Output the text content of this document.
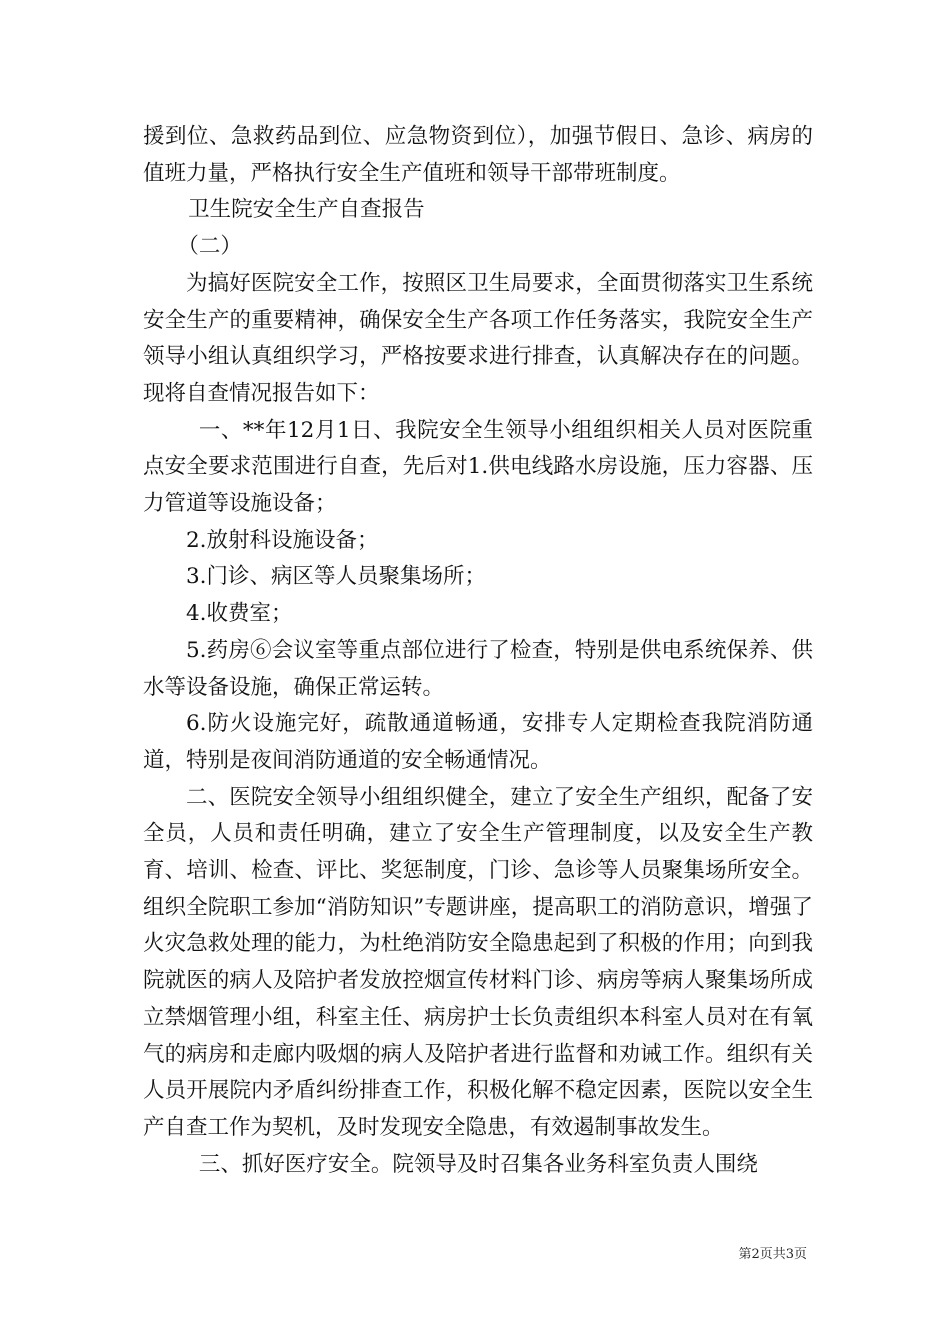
援到位、急救药品到位、应急物资到位），加强节假日、急诊、病房的值班力量，严格执行安全生产值班和领导干部带班制度。

卫生院安全生产自查报告

（二）

为搞好医院安全工作，按照区卫生局要求，全面贯彻落实卫生系统安全生产的重要精神，确保安全生产各项工作任务落实，我院安全生产领导小组认真组织学习，严格按要求进行排查，认真解决存在的问题。现将自查情况报告如下：

一、**年12月1日、我院安全生领导小组组织相关人员对医院重点安全要求范围进行自查，先后对1.供电线路水房设施，压力容器、压力管道等设施设备；

2.放射科设施设备；

3.门诊、病区等人员聚集场所；

4.收费室；

5.药房⑥会议室等重点部位进行了检查，特别是供电系统保养、供水等设备设施，确保正常运转。

6.防火设施完好，疏散通道畅通，安排专人定期检查我院消防通道，特别是夜间消防通道的安全畅通情况。

二、医院安全领导小组组织健全，建立了安全生产组织，配备了安全员，人员和责任明确，建立了安全生产管理制度，以及安全生产教育、培训、检查、评比、奖惩制度，门诊、急诊等人员聚集场所安全。组织全院职工参加“消防知识”专题讲座，提高职工的消防意识，增强了火灾急救处理的能力，为杜绝消防安全隐患起到了积极的作用；向到我院就医的病人及陪护者发放控烟宣传材料门诊、病房等病人聚集场所成立禁烟管理小组，科室主任、病房护士长负责组织本科室人员对在有氧气的病房和走廊内吸烟的病人及陪护者进行监督和劝诫工作。组织有关人员开展院内矛盾纠纷排查工作，积极化解不稳定因素，医院以安全生产自查工作为契机，及时发现安全隐患，有效遏制事故发生。

三、抓好医疗安全。院领导及时召集各业务科室负责人围绕

第2页共3页
